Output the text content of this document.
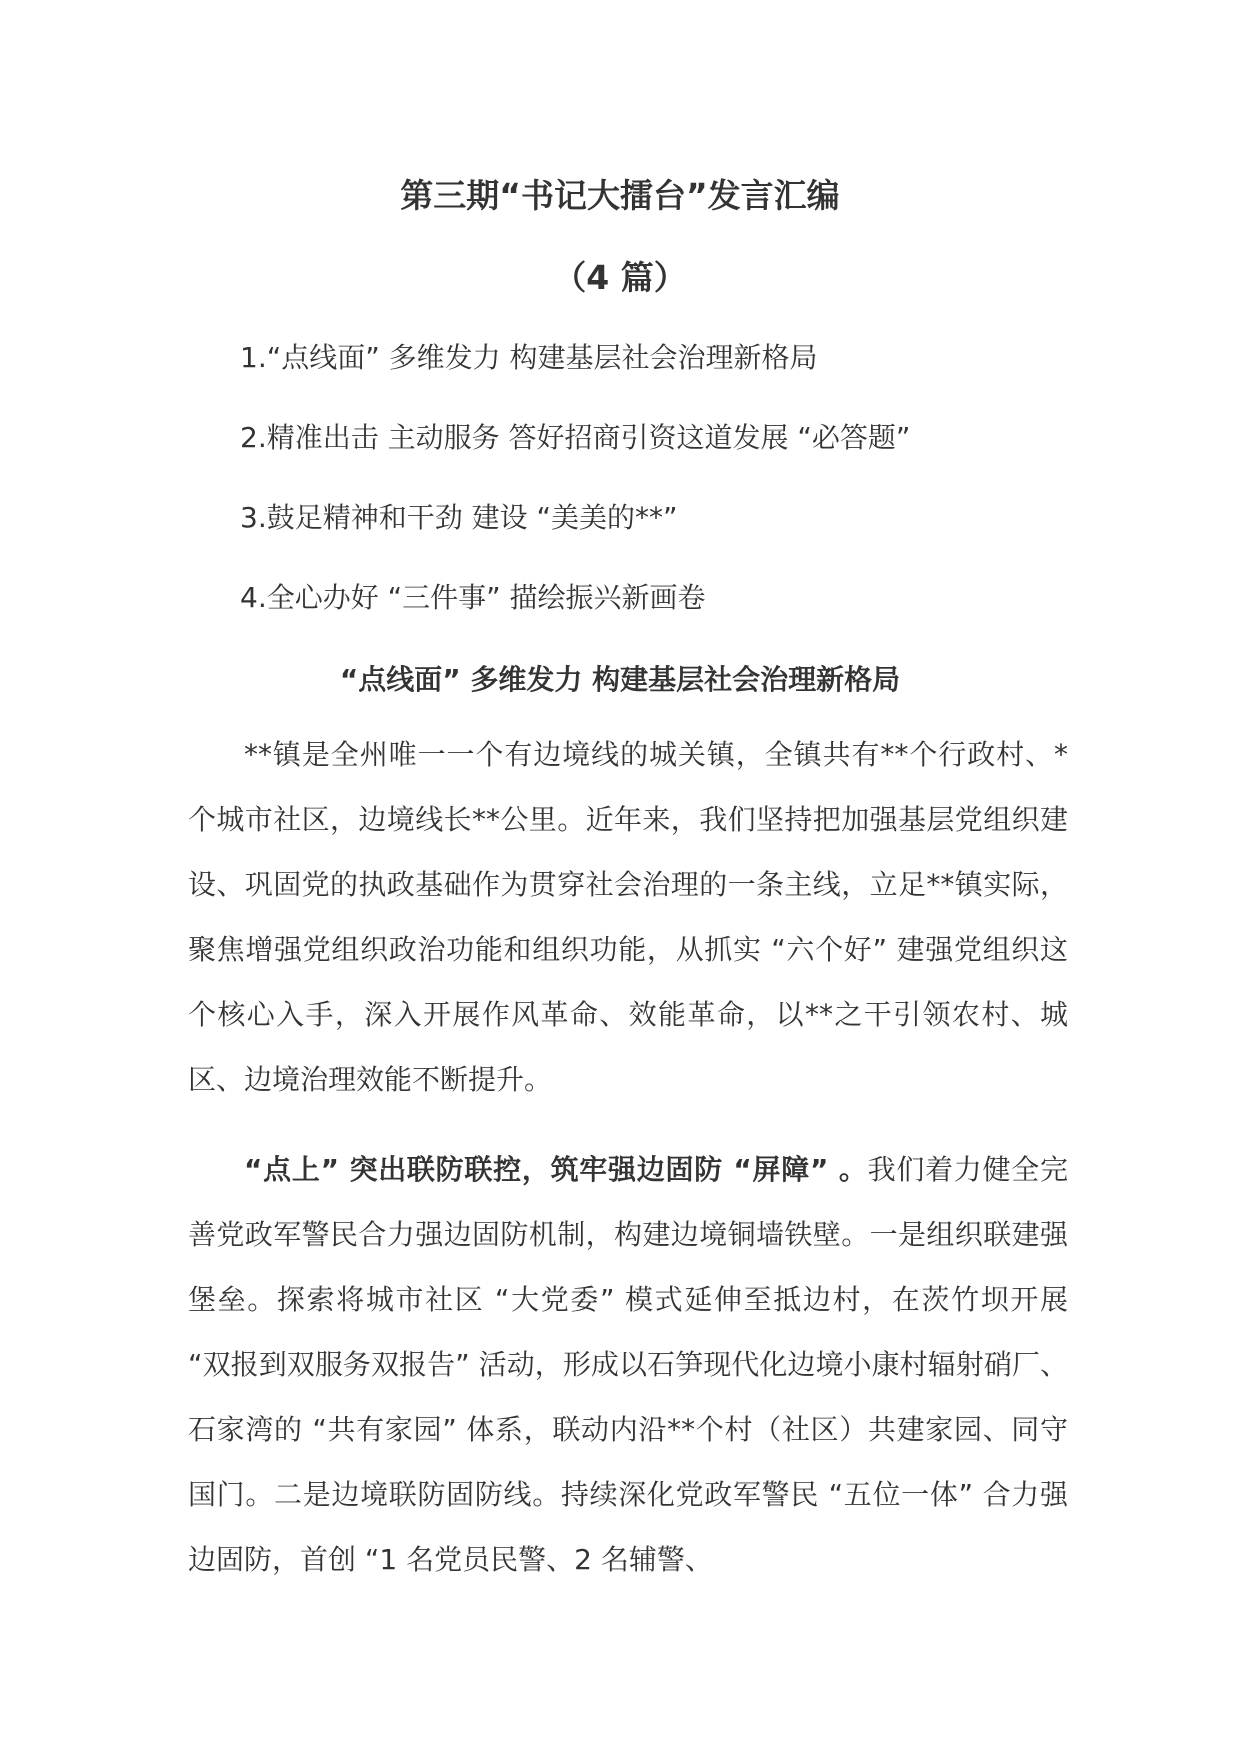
第三期“书记大擂台”发言汇编
（4 篇）
1.“点线面” 多维发力 构建基层社会治理新格局
2.精准出击 主动服务 答好招商引资这道发展 “必答题”
3.鼓足精神和干劲 建设 “美美的**”
4.全心办好 “三件事” 描绘振兴新画卷
“点线面” 多维发力 构建基层社会治理新格局

**镇是全州唯一一个有边境线的城关镇，全镇共有**个行政村、*个城市社区，边境线长**公里。近年来，我们坚持把加强基层党组织建设、巩固党的执政基础作为贯穿社会治理的一条主线，立足**镇实际，聚焦增强党组织政治功能和组织功能，从抓实 “六个好” 建强党组织这个核心入手，深入开展作风革命、效能革命，以**之干引领农村、城区、边境治理效能不断提升。

“点上” 突出联防联控，筑牢强边固防 “屏障” 。我们着力健全完善党政军警民合力强边固防机制，构建边境铜墙铁壁。一是组织联建强堡垒。探索将城市社区 “大党委” 模式延伸至抵边村，在茨竹坝开展 “双报到双服务双报告” 活动，形成以石笋现代化边境小康村辐射硝厂、石家湾的 “共有家园” 体系，联动内沿**个村（社区）共建家园、同守国门。二是边境联防固防线。持续深化党政军警民 “五位一体” 合力强边固防，首创 “1 名党员民警、2 名辅警、
